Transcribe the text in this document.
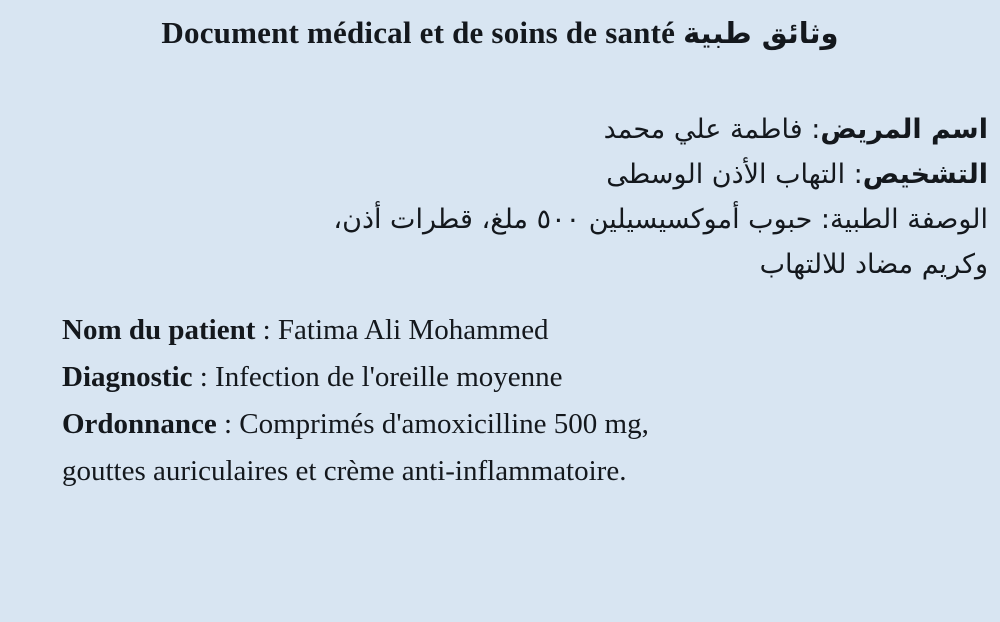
Document médical et de soins de santé وثائق طبية
اسم المريض: فاطمة علي محمد
التشخيص: التهاب الأذن الوسطى
الوصفة الطبية: حبوب أموكسيسيلين ٥٠٠ ملغ، قطرات أذن،
وكريم مضاد للالتهاب
Nom du patient : Fatima Ali Mohammed
Diagnostic : Infection de l'oreille moyenne
Ordonnance : Comprimés d'amoxicilline 500 mg,
gouttes auriculaires et crème anti-inflammatoire.
